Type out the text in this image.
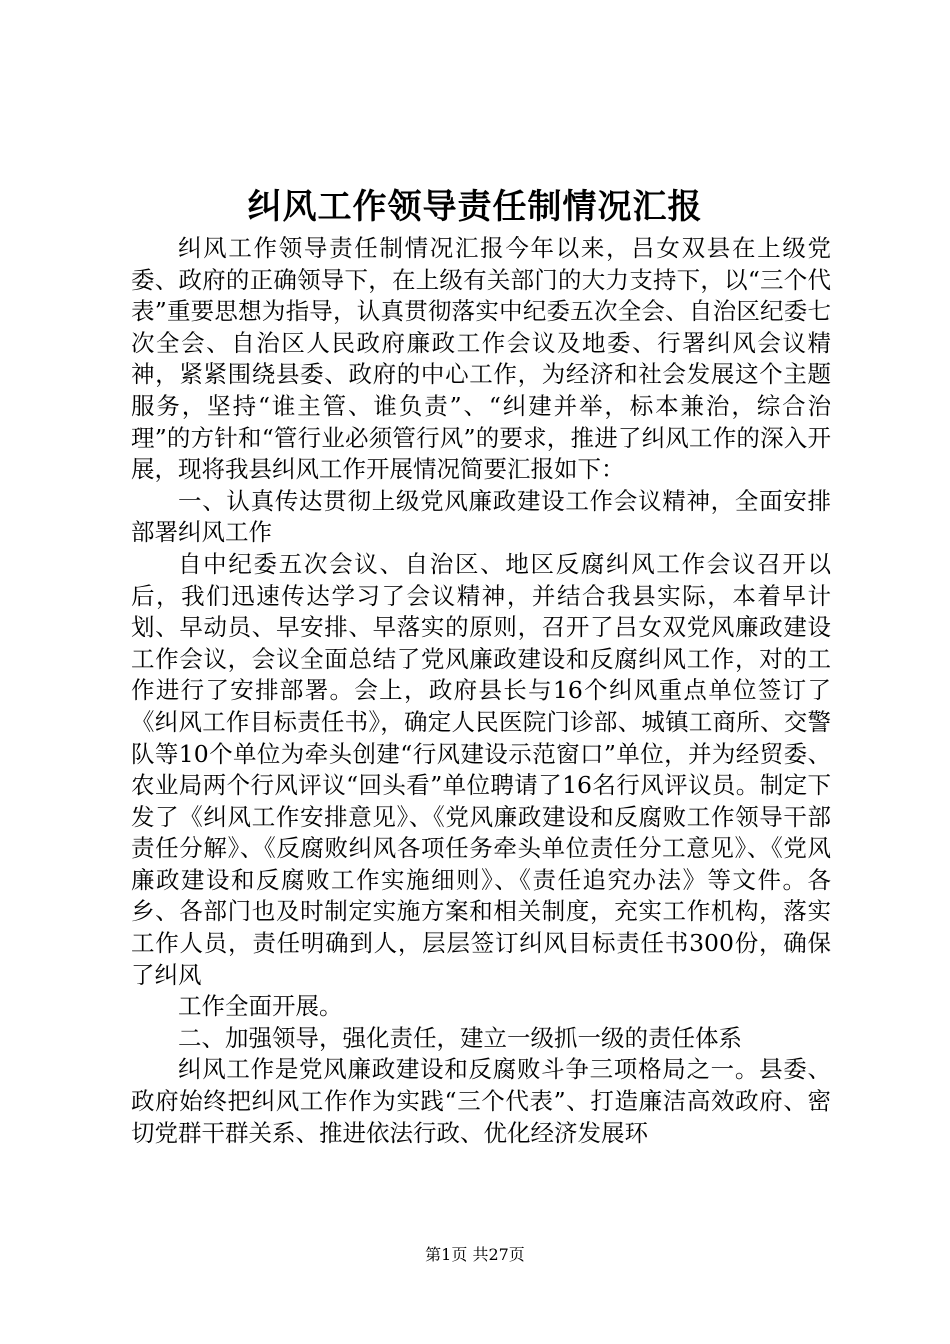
纠风工作领导责任制情况汇报

纠风工作领导责任制情况汇报今年以来，吕女双县在上级党委、政府的正确领导下，在上级有关部门的大力支持下，以“三个代表”重要思想为指导，认真贯彻落实中纪委五次全会、自治区纪委七次全会、自治区人民政府廉政工作会议及地委、行署纠风会议精神，紧紧围绕县委、政府的中心工作，为经济和社会发展这个主题服务，坚持“谁主管、谁负责”、“纠建并举，标本兼治，综合治理”的方针和“管行业必须管行风”的要求，推进了纠风工作的深入开展，现将我县纠风工作开展情况简要汇报如下：

一、认真传达贯彻上级党风廉政建设工作会议精神，全面安排部署纠风工作

自中纪委五次会议、自治区、地区反腐纠风工作会议召开以后，我们迅速传达学习了会议精神，并结合我县实际，本着早计划、早动员、早安排、早落实的原则，召开了吕女双党风廉政建设工作会议，会议全面总结了党风廉政建设和反腐纠风工作，对的工作进行了安排部署。会上，政府县长与16个纠风重点单位签订了《纠风工作目标责任书》，确定人民医院门诊部、城镇工商所、交警队等10个单位为牵头创建“行风建设示范窗口”单位，并为经贸委、农业局两个行风评议“回头看”单位聘请了16名行风评议员。制定下发了《纠风工作安排意见》、《党风廉政建设和反腐败工作领导干部责任分解》、《反腐败纠风各项任务牵头单位责任分工意见》、《党风廉政建设和反腐败工作实施细则》、《责任追究办法》等文件。各乡、各部门也及时制定实施方案和相关制度，充实工作机构，落实工作人员，责任明确到人，层层签订纠风目标责任书300份，确保了纠风

工作全面开展。

二、加强领导，强化责任，建立一级抓一级的责任体系

纠风工作是党风廉政建设和反腐败斗争三项格局之一。县委、政府始终把纠风工作作为实践“三个代表”、打造廉洁高效政府、密切党群干群关系、推进依法行政、优化经济发展环

第1页 共27页
